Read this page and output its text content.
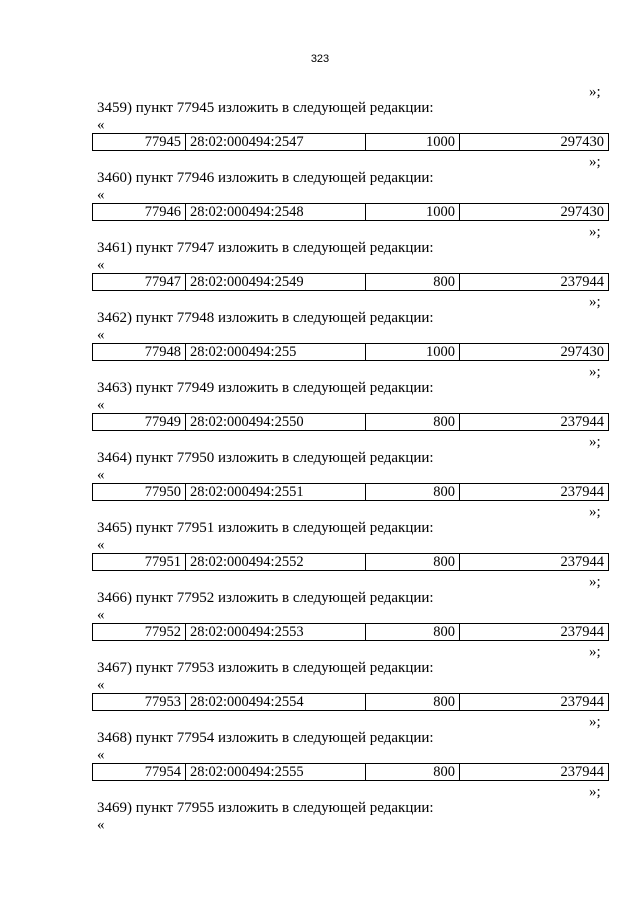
323
»;
3459) пункт 77945 изложить в следующей редакции:
«
77945 28:02:000494:2547	1000	297430
»;
3460) пункт 77946 изложить в следующей редакции:
«
77946 28:02:000494:2548	1000	297430
»;
3461) пункт 77947 изложить в следующей редакции:
«
77947 28:02:000494:2549	800	237944
»;
3462) пункт 77948 изложить в следующей редакции:
«
77948 28:02:000494:255	1000	297430
»;
3463) пункт 77949 изложить в следующей редакции:
«
77949 28:02:000494:2550	800	237944
»;
3464) пункт 77950 изложить в следующей редакции:
«
77950 28:02:000494:2551	800	237944
»;
3465) пункт 77951 изложить в следующей редакции:
«
77951 28:02:000494:2552	800	237944
»;
3466) пункт 77952 изложить в следующей редакции:
«
77952 28:02:000494:2553	800	237944
»;
3467) пункт 77953 изложить в следующей редакции:
«
77953 28:02:000494:2554	800	237944
»;
3468) пункт 77954 изложить в следующей редакции:
«
77954 28:02:000494:2555	800	237944
»;
3469) пункт 77955 изложить в следующей редакции:
«
